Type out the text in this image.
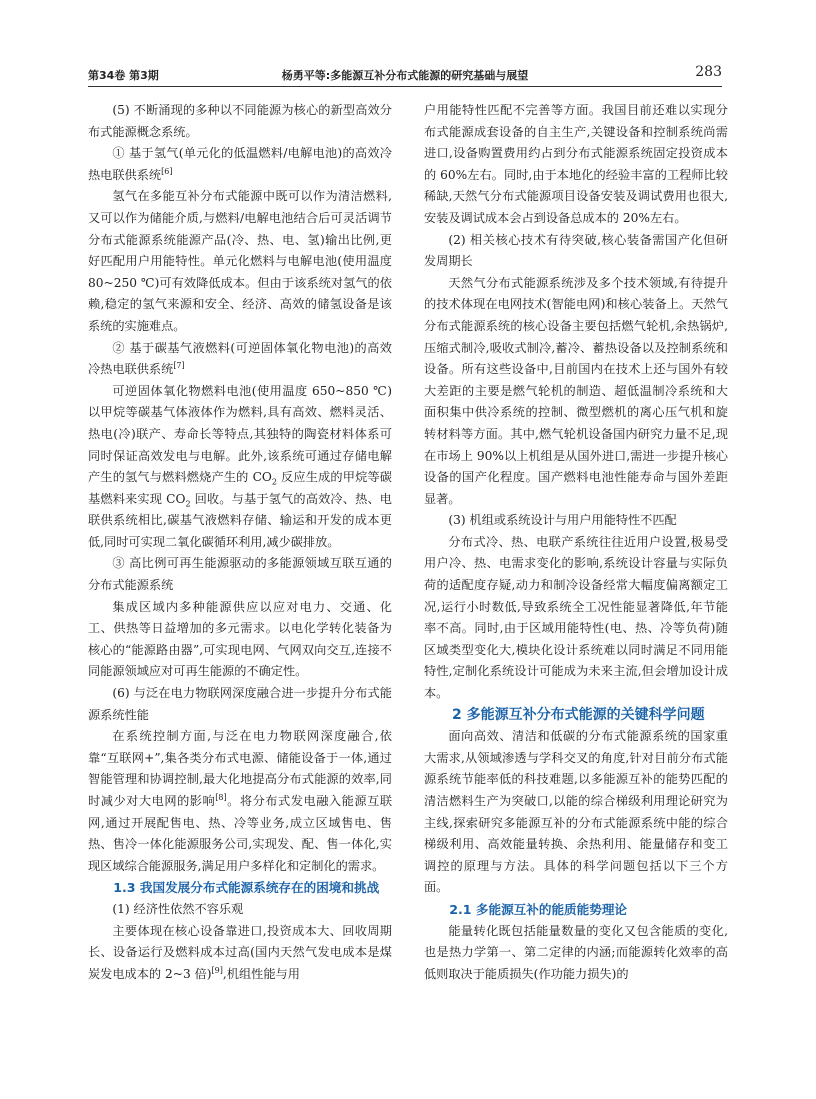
第34卷 第3期	杨勇平等:多能源互补分布式能源的研究基础与展望	283

(5) 不断涌现的多种以不同能源为核心的新型高效分布式能源概念系统。

① 基于氢气(单元化的低温燃料/电解电池)的高效冷热电联供系统[6]

氢气在多能互补分布式能源中既可以作为清洁燃料,又可以作为储能介质,与燃料/电解电池结合后可灵活调节分布式能源系统能源产品(冷、热、电、氢)输出比例,更好匹配用户用能特性。单元化燃料与电解电池(使用温度 80~250 ℃)可有效降低成本。但由于该系统对氢气的依赖,稳定的氢气来源和安全、经济、高效的储氢设备是该系统的实施难点。

② 基于碳基气液燃料(可逆固体氧化物电池)的高效冷热电联供系统[7]

可逆固体氧化物燃料电池(使用温度 650~850 ℃)以甲烷等碳基气体液体作为燃料,具有高效、燃料灵活、热电(冷)联产、寿命长等特点,其独特的陶瓷材料体系可同时保证高效发电与电解。此外,该系统可通过存储电解产生的氢气与燃料燃烧产生的 $CO_2$ 反应生成的甲烷等碳基燃料来实现 $CO_2$ 回收。与基于氢气的高效冷、热、电联供系统相比,碳基气液燃料存储、输运和开发的成本更低,同时可实现二氧化碳循环利用,减少碳排放。

③ 高比例可再生能源驱动的多能源领域互联互通的分布式能源系统

集成区域内多种能源供应以应对电力、交通、化工、供热等日益增加的多元需求。以电化学转化装备为核心的“能源路由器”,可实现电网、气网双向交互,连接不同能源领域应对可再生能源的不确定性。

(6) 与泛在电力物联网深度融合进一步提升分布式能源系统性能

在系统控制方面,与泛在电力物联网深度融合,依靠“互联网+”,集各类分布式电源、储能设备于一体,通过智能管理和协调控制,最大化地提高分布式能源的效率,同时减少对大电网的影响[8]。将分布式发电融入能源互联网,通过开展配售电、热、冷等业务,成立区域售电、售热、售冷一体化能源服务公司,实现发、配、售一体化,实现区域综合能源服务,满足用户多样化和定制化的需求。

1.3 我国发展分布式能源系统存在的困境和挑战

(1) 经济性依然不容乐观

主要体现在核心设备靠进口,投资成本大、回收周期长、设备运行及燃料成本过高(国内天然气发电成本是煤炭发电成本的 2~3 倍)[9],机组性能与用

户用能特性匹配不完善等方面。我国目前还难以实现分布式能源成套设备的自主生产,关键设备和控制系统尚需进口,设备购置费用约占到分布式能源系统固定投资成本的 60%左右。同时,由于本地化的经验丰富的工程师比较稀缺,天然气分布式能源项目设备安装及调试费用也很大,安装及调试成本会占到设备总成本的 20%左右。

(2) 相关核心技术有待突破,核心装备需国产化但研发周期长

天然气分布式能源系统涉及多个技术领域,有待提升的技术体现在电网技术(智能电网)和核心装备上。天然气分布式能源系统的核心设备主要包括燃气轮机,余热锅炉,压缩式制冷,吸收式制冷,蓄冷、蓄热设备以及控制系统和设备。所有这些设备中,目前国内在技术上还与国外有较大差距的主要是燃气轮机的制造、超低温制冷系统和大面积集中供冷系统的控制、微型燃机的离心压气机和旋转材料等方面。其中,燃气轮机设备国内研究力量不足,现在市场上 90%以上机组是从国外进口,需进一步提升核心设备的国产化程度。国产燃料电池性能寿命与国外差距显著。

(3) 机组或系统设计与用户用能特性不匹配

分布式冷、热、电联产系统往往近用户设置,极易受用户冷、热、电需求变化的影响,系统设计容量与实际负荷的适配度存疑,动力和制冷设备经常大幅度偏离额定工况,运行小时数低,导致系统全工况性能显著降低,年节能率不高。同时,由于区域用能特性(电、热、冷等负荷)随区域类型变化大,模块化设计系统难以同时满足不同用能特性,定制化系统设计可能成为未来主流,但会增加设计成本。

2 多能源互补分布式能源的关键科学问题

面向高效、清洁和低碳的分布式能源系统的国家重大需求,从领域渗透与学科交叉的角度,针对目前分布式能源系统节能率低的科技难题,以多能源互补的能势匹配的清洁燃料生产为突破口,以能的综合梯级利用理论研究为主线,探索研究多能源互补的分布式能源系统中能的综合梯级利用、高效能量转换、余热利用、能量储存和变工调控的原理与方法。具体的科学问题包括以下三个方面。

2.1 多能源互补的能质能势理论

能量转化既包括能量数量的变化又包含能质的变化,也是热力学第一、第二定律的内涵;而能源转化效率的高低则取决于能质损失(作功能力损失)的
